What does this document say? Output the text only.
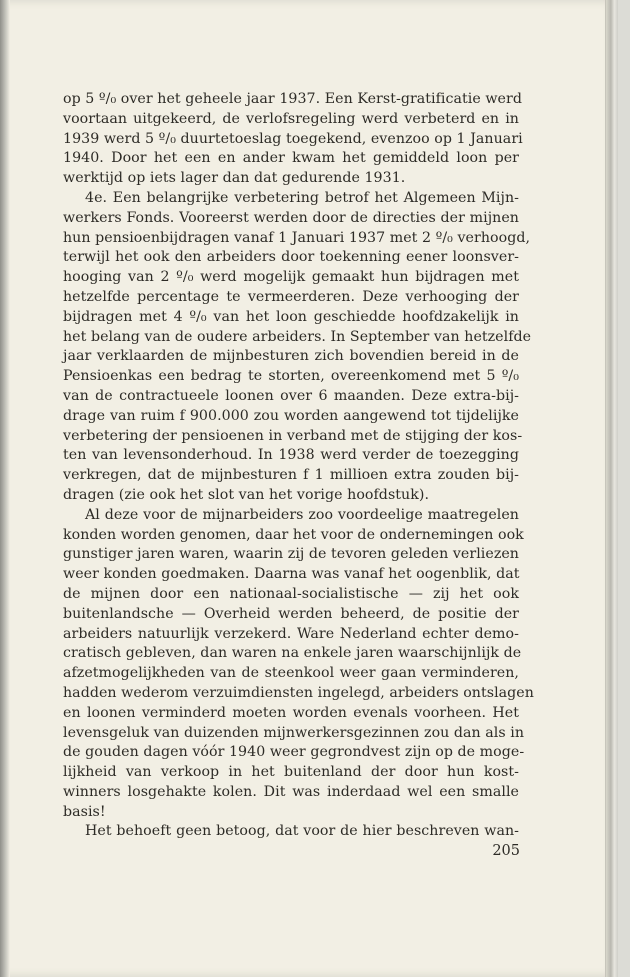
op 5 º/₀ over het geheele jaar 1937. Een Kerst-gratificatie werd
voortaan uitgekeerd, de verlofsregeling werd verbeterd en in
1939 werd 5 º/₀ duurtetoeslag toegekend, evenzoo op 1 Januari
1940. Door het een en ander kwam het gemiddeld loon per
werktijd op iets lager dan dat gedurende 1931.
4e. Een belangrijke verbetering betrof het Algemeen Mijn-
werkers Fonds. Vooreerst werden door de directies der mijnen
hun pensioenbijdragen vanaf 1 Januari 1937 met 2 º/₀ verhoogd,
terwijl het ook den arbeiders door toekenning eener loonsver-
hooging van 2 º/₀ werd mogelijk gemaakt hun bijdragen met
hetzelfde percentage te vermeerderen. Deze verhooging der
bijdragen met 4 º/₀ van het loon geschiedde hoofdzakelijk in
het belang van de oudere arbeiders. In September van hetzelfde
jaar verklaarden de mijnbesturen zich bovendien bereid in de
Pensioenkas een bedrag te storten, overeenkomend met 5 º/₀
van de contractueele loonen over 6 maanden. Deze extra-bij-
drage van ruim f 900.000 zou worden aangewend tot tijdelijke
verbetering der pensioenen in verband met de stijging der kos-
ten van levensonderhoud. In 1938 werd verder de toezegging
verkregen, dat de mijnbesturen f 1 millioen extra zouden bij-
dragen (zie ook het slot van het vorige hoofdstuk).
Al deze voor de mijnarbeiders zoo voordeelige maatregelen
konden worden genomen, daar het voor de ondernemingen ook
gunstiger jaren waren, waarin zij de tevoren geleden verliezen
weer konden goedmaken. Daarna was vanaf het oogenblik, dat
de mijnen door een nationaal-socialistische — zij het ook
buitenlandsche — Overheid werden beheerd, de positie der
arbeiders natuurlijk verzekerd. Ware Nederland echter demo-
cratisch gebleven, dan waren na enkele jaren waarschijnlijk de
afzetmogelijkheden van de steenkool weer gaan verminderen,
hadden wederom verzuimdiensten ingelegd, arbeiders ontslagen
en loonen verminderd moeten worden evenals voorheen. Het
levensgeluk van duizenden mijnwerkersgezinnen zou dan als in
de gouden dagen vóór 1940 weer gegrondvest zijn op de moge-
lijkheid van verkoop in het buitenland der door hun kost-
winners losgehakte kolen. Dit was inderdaad wel een smalle
basis!
Het behoeft geen betoog, dat voor de hier beschreven wan-
205
